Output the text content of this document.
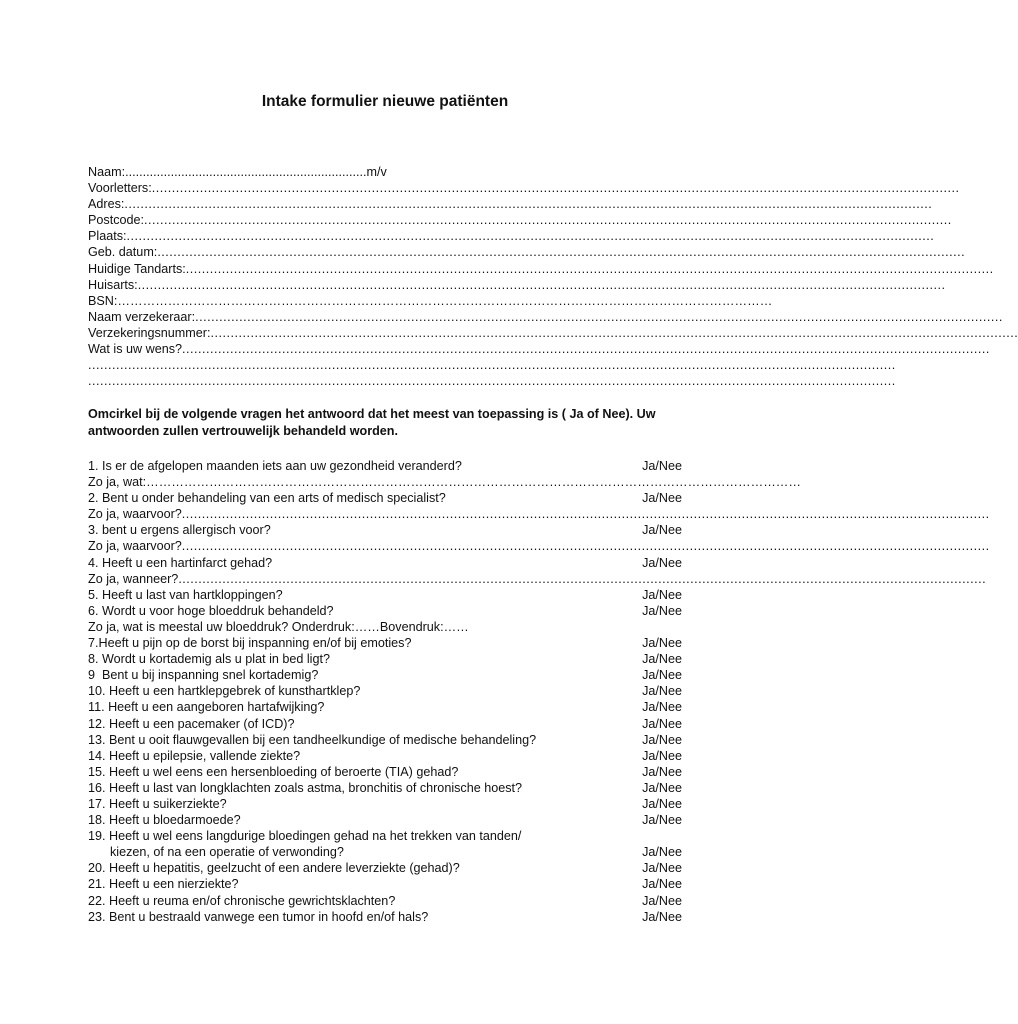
Intake formulier nieuwe patiënten
Naam: ..................................................................... m/v
Voorletters: ..........................................................................................................................................................................................................
Adres: ..........................................................................................................................................................................................................
Postcode: ..........................................................................................................................................................................................................
Plaats: ..........................................................................................................................................................................................................
Geb. datum: ..........................................................................................................................................................................................................
Huidige Tandarts: ..........................................................................................................................................................................................................
Huisarts: ..........................................................................................................................................................................................................
BSN: …………………………………………………………………………………………………………………………………………
Naam verzekeraar: ..........................................................................................................................................................................................................
Verzekeringsnummer: ..........................................................................................................................................................................................................
Wat is uw wens? ..........................................................................................................................................................................................................
..........................................................................................................................................................................................................
..........................................................................................................................................................................................................
Omcirkel bij de volgende vragen het antwoord dat het meest van toepassing is ( Ja of Nee). Uw antwoorden zullen vertrouwelijk behandeld worden.
1. Is er de afgelopen maanden iets aan uw gezondheid veranderd?	Ja/Nee
Zo ja, wat: …………………………………………………………………………………………………………………………………………
2. Bent u onder behandeling van een arts of medisch specialist?	Ja/Nee
Zo ja, waarvoor? ..........................................................................................................................................................................................................
3. bent u ergens allergisch voor?	Ja/Nee
Zo ja, waarvoor? ..........................................................................................................................................................................................................
4. Heeft u een hartinfarct gehad?	Ja/Nee
Zo ja, wanneer? ..........................................................................................................................................................................................................
5. Heeft u last van hartkloppingen?	Ja/Nee
6. Wordt u voor hoge bloeddruk behandeld?	Ja/Nee
Zo ja, wat is meestal uw bloeddruk? Onderdruk:……Bovendruk:……
7.Heeft u pijn op de borst bij inspanning en/of bij emoties?	Ja/Nee
8. Wordt u kortademig als u plat in bed ligt?	Ja/Nee
9  Bent u bij inspanning snel kortademig?	Ja/Nee
10. Heeft u een hartklepgebrek of kunsthartklep?	Ja/Nee
11. Heeft u een aangeboren hartafwijking?	Ja/Nee
12. Heeft u een pacemaker (of ICD)?	Ja/Nee
13. Bent u ooit flauwgevallen bij een tandheelkundige of medische behandeling?	Ja/Nee
14. Heeft u epilepsie, vallende ziekte?	Ja/Nee
15. Heeft u wel eens een hersenbloeding of beroerte (TIA) gehad?	Ja/Nee
16. Heeft u last van longklachten zoals astma, bronchitis of chronische hoest?	Ja/Nee
17. Heeft u suikerziekte?	Ja/Nee
18. Heeft u bloedarmoede?	Ja/Nee
19. Heeft u wel eens langdurige bloedingen gehad na het trekken van tanden/
kiezen, of na een operatie of verwonding?	Ja/Nee
20. Heeft u hepatitis, geelzucht of een andere leverziekte (gehad)?	Ja/Nee
21. Heeft u een nierziekte?	Ja/Nee
22. Heeft u reuma en/of chronische gewrichtsklachten?	Ja/Nee
23. Bent u bestraald vanwege een tumor in hoofd en/of hals?	Ja/Nee
